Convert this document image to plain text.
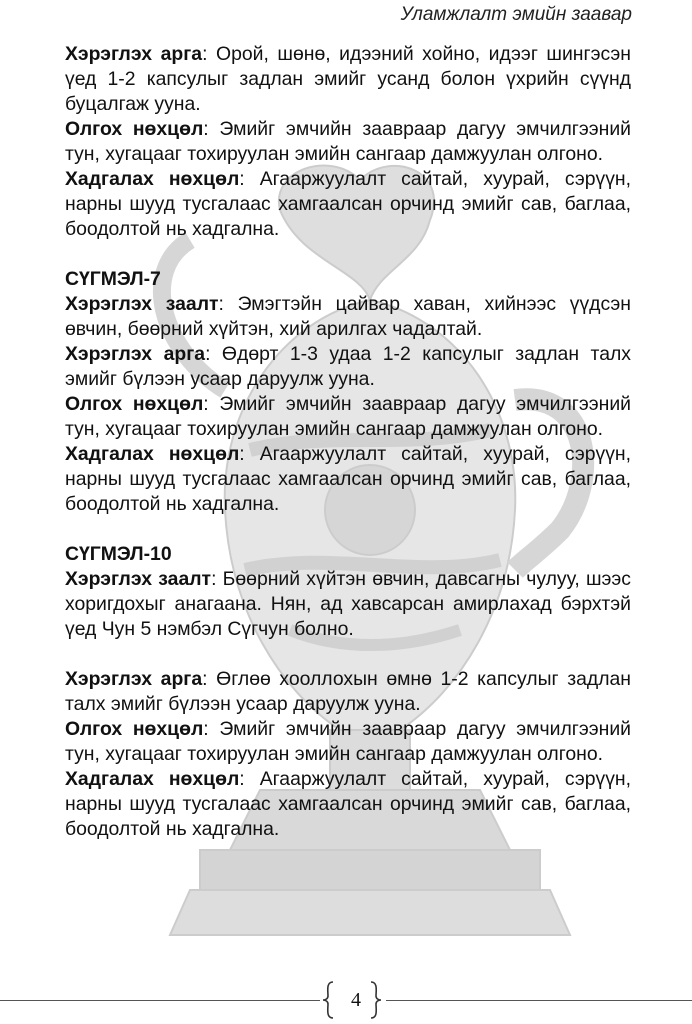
Уламжлалт эмийн заавар

Хэрэглэх арга: Орой, шөнө, идээний хойно, идээг шингэсэн үед 1-2 капсулыг задлан эмийг усанд болон үхрийн сүүнд буцалгаж ууна.

Олгох нөхцөл: Эмийг эмчийн заавраар дагуу эмчилгээний тун, хугацааг тохируулан эмийн сангаар дамжуулан олгоно.

Хадгалах нөхцөл: Агааржуулалт сайтай, хуурай, сэрүүн, нарны шууд тусгалаас хамгаалсан орчинд эмийг сав, баглаа, боодолтой нь хадгална.

СҮГМЭЛ-7

Хэрэглэх заалт: Эмэгтэйн цайвар хаван, хийнээс үүдсэн өвчин, бөөрний хүйтэн, хий арилгах чадалтай.

Хэрэглэх арга: Өдөрт 1-3 удаа 1-2 капсулыг задлан талх эмийг бүлээн усаар даруулж ууна.

Олгох нөхцөл: Эмийг эмчийн заавраар дагуу эмчилгээний тун, хугацааг тохируулан эмийн сангаар дамжуулан олгоно.

Хадгалах нөхцөл: Агааржуулалт сайтай, хуурай, сэрүүн, нарны шууд тусгалаас хамгаалсан орчинд эмийг сав, баглаа, боодолтой нь хадгална.

СҮГМЭЛ-10

Хэрэглэх заалт: Бөөрний хүйтэн өвчин, давсагны чулуу, шээс хоригдохыг анагаана. Нян, ад хавсарсан амирлахад бэрхтэй үед Чун 5 нэмбэл Сүгчун болно.

Хэрэглэх арга: Өглөө хооллохын өмнө 1-2 капсулыг задлан талх эмийг бүлээн усаар даруулж ууна.

Олгох нөхцөл: Эмийг эмчийн заавраар дагуу эмчилгээний тун, хугацааг тохируулан эмийн сангаар дамжуулан олгоно.

Хадгалах нөхцөл: Агааржуулалт сайтай, хуурай, сэрүүн, нарны шууд тусгалаас хамгаалсан орчинд эмийг сав, баглаа, боодолтой нь хадгална.

4
